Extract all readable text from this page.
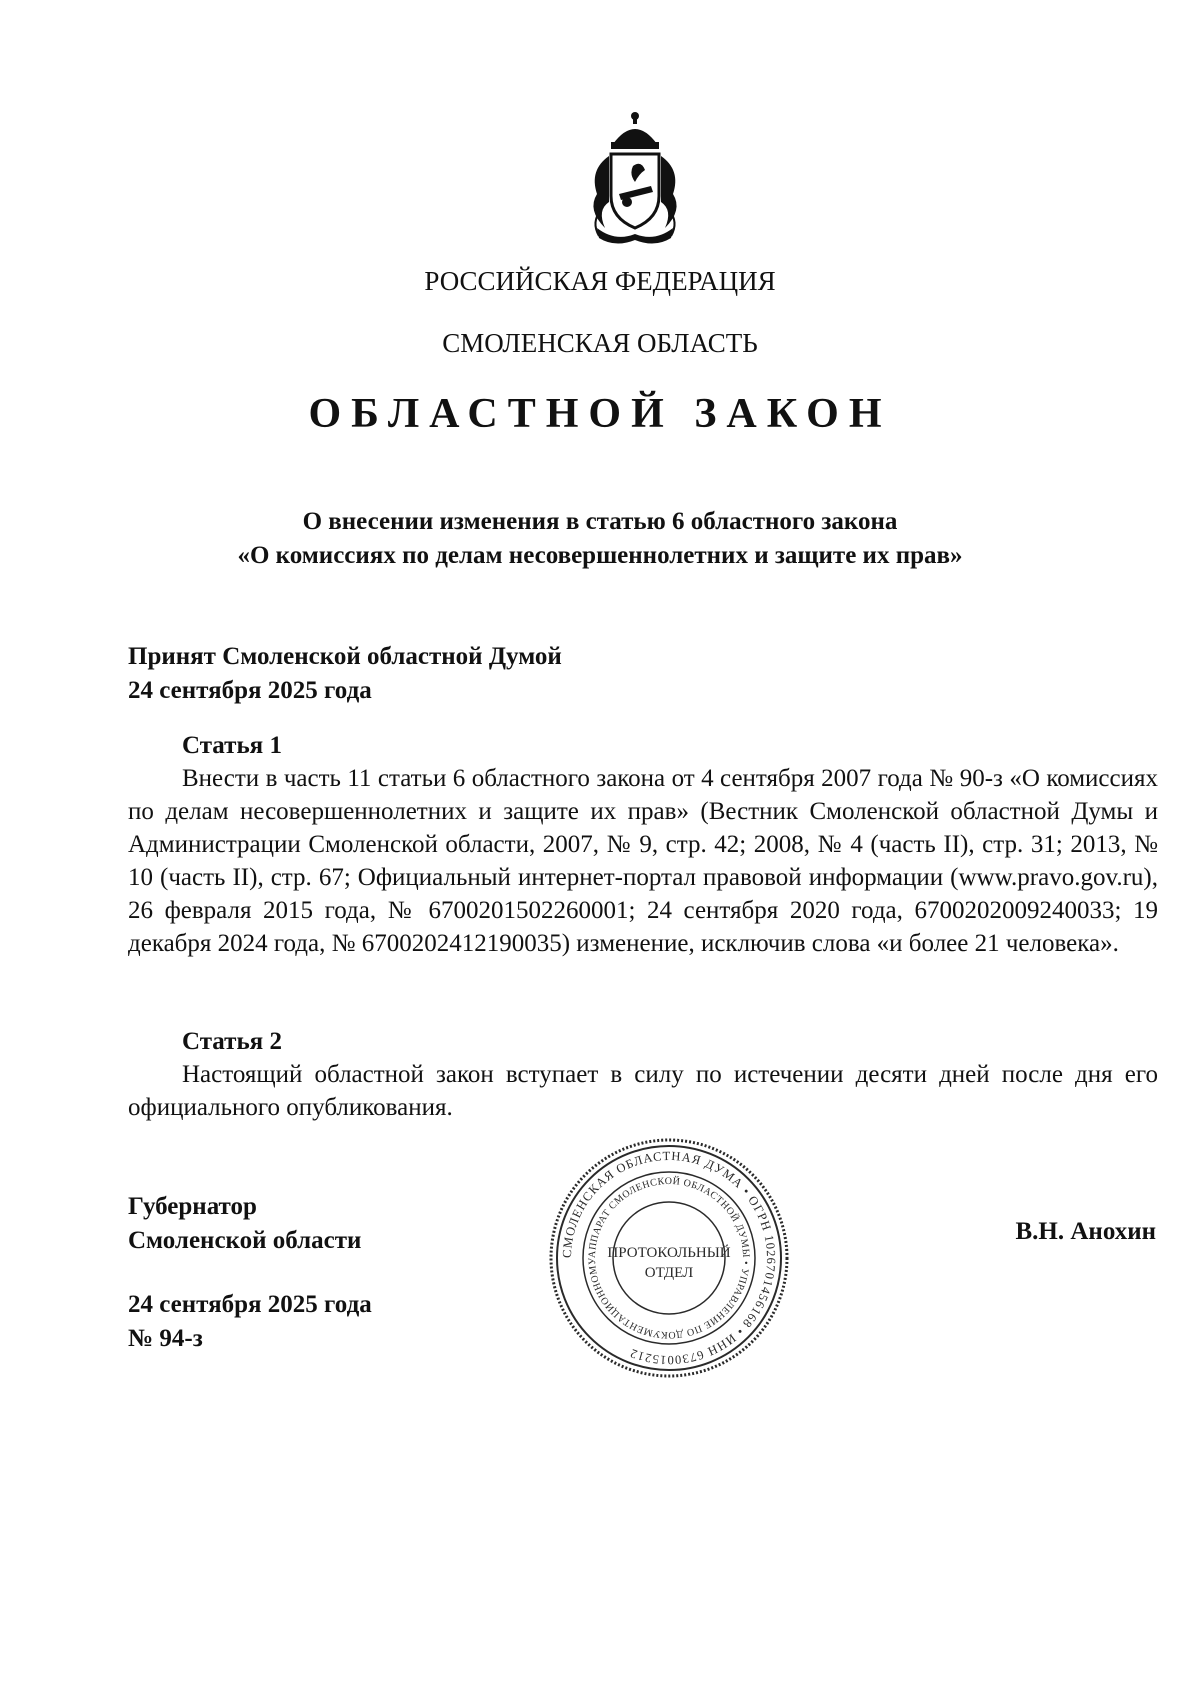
РОССИЙСКАЯ ФЕДЕРАЦИЯ
СМОЛЕНСКАЯ ОБЛАСТЬ
ОБЛАСТНОЙ ЗАКОН
О внесении изменения в статью 6 областного закона
«О комиссиях по делам несовершеннолетних и защите их прав»
Принят Смоленской областной Думой
24 сентября 2025 года
Статья 1
Внести в часть 11 статьи 6 областного закона от 4 сентября 2007 года № 90-з «О комиссиях по делам несовершеннолетних и защите их прав» (Вестник Смоленской областной Думы и Администрации Смоленской области, 2007, № 9, стр. 42; 2008, № 4 (часть II), стр. 31; 2013, № 10 (часть II), стр. 67; Официальный интернет-портал правовой информации (www.pravo.gov.ru), 26 февраля 2015 года, № 6700201502260001; 24 сентября 2020 года, 6700202009240033; 19 декабря 2024 года, № 6700202412190035) изменение, исключив слова «и более 21 человека».
Статья 2
Настоящий областной закон вступает в силу по истечении десяти дней после дня его официального опубликования.
Губернатор
Смоленской области	В.Н. Анохин
24 сентября 2025 года
№ 94-з
СМОЛЕНСКАЯ ОБЛАСТНАЯ ДУМА • ОГРН 1026701456168 • ИНН 6730015212
АППАРАТ СМОЛЕНСКОЙ ОБЛАСТНОЙ ДУМЫ • УПРАВЛЕНИЕ ПО ДОКУМЕНТАЦИОННОМУ
ПРОТОКОЛЬНЫЙ
ОТДЕЛ
